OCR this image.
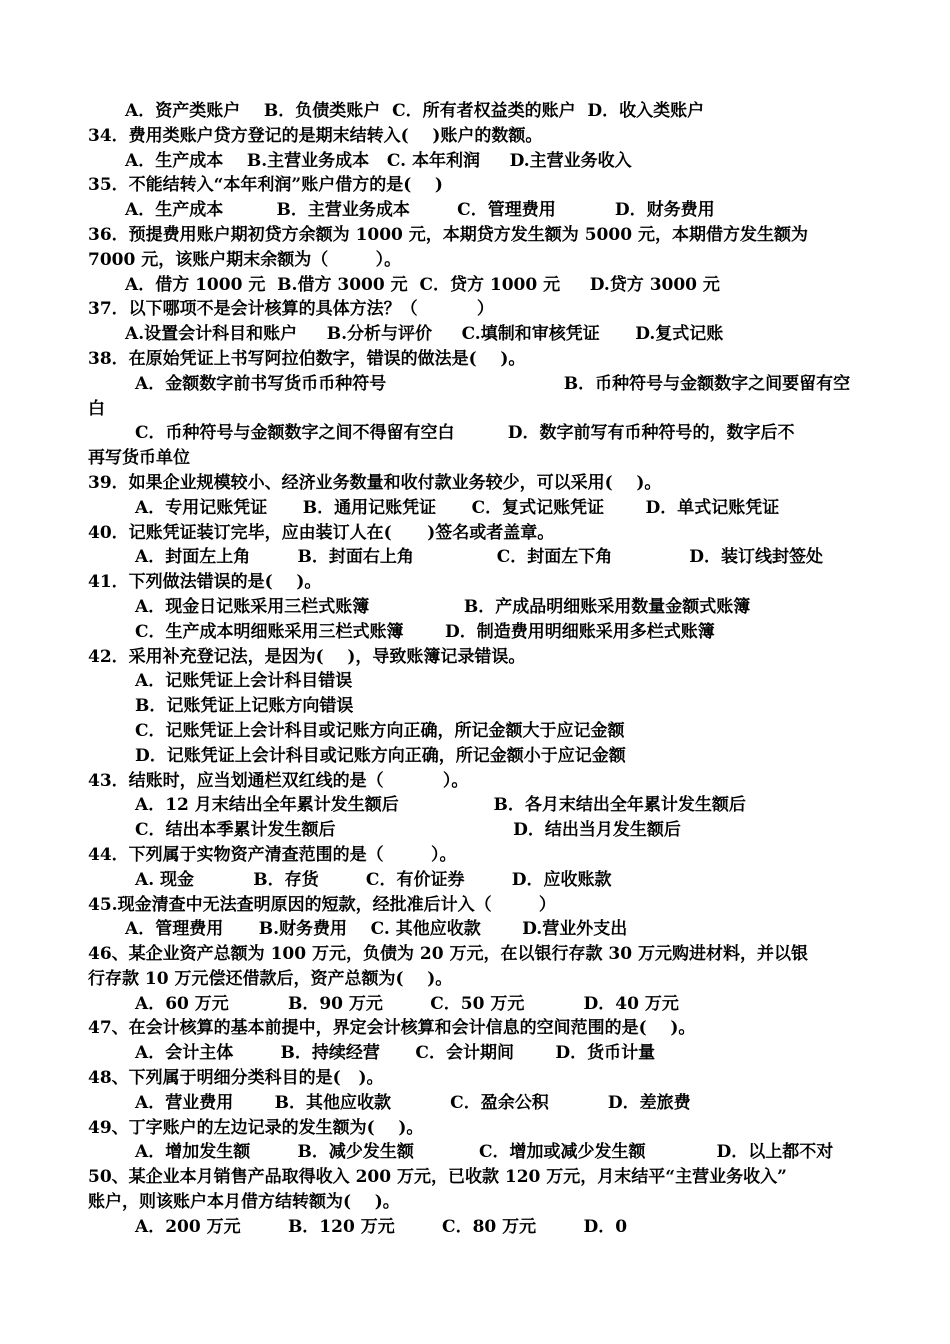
A．资产类账户    B．负债类账户  C．所有者权益类的账户  D．收入类账户
34．费用类账户贷方登记的是期末结转入(    )账户的数额。
A．生产成本    B.主营业务成本   C. 本年利润     D.主营业务收入
35．不能结转入“本年利润”账户借方的是(    )
A．生产成本         B．主营业务成本        C．管理费用          D．财务费用
36．预提费用账户期初贷方余额为 1000 元，本期贷方发生额为 5000 元，本期借方发生额为
7000 元，该账户期末余额为（        ）。
A．借方 1000 元  B.借方 3000 元  C．贷方 1000 元     D.贷方 3000 元
37．以下哪项不是会计核算的具体方法？（          ）
A.设置会计科目和账户     B.分析与评价     C.填制和审核凭证      D.复式记账
38．在原始凭证上书写阿拉伯数字，错误的做法是(    )。
A．金额数字前书写货币币种符号                              B．币种符号与金额数字之间要留有空
白
C．币种符号与金额数字之间不得留有空白         D．数字前写有币种符号的，数字后不
再写货币单位
39．如果企业规模较小、经济业务数量和收付款业务较少，可以采用(    )。
A．专用记账凭证      B．通用记账凭证      C．复式记账凭证       D．单式记账凭证
40．记账凭证装订完毕，应由装订人在(      )签名或者盖章。
A．封面左上角        B．封面右上角              C．封面左下角             D．装订线封签处
41．下列做法错误的是(    )。
A．现金日记账采用三栏式账簿                B．产成品明细账采用数量金额式账簿
C．生产成本明细账采用三栏式账簿       D．制造费用明细账采用多栏式账簿
42．采用补充登记法，是因为(    )，导致账簿记录错误。
A．记账凭证上会计科目错误
B．记账凭证上记账方向错误
C．记账凭证上会计科目或记账方向正确，所记金额大于应记金额
D．记账凭证上会计科目或记账方向正确，所记金额小于应记金额
43．结账时，应当划通栏双红线的是（          ）。
A．12 月末结出全年累计发生额后                B．各月末结出全年累计发生额后
C．结出本季累计发生额后                              D．结出当月发生额后
44．下列属于实物资产清查范围的是（        ）。
A. 现金          B．存货        C．有价证券        D．应收账款
45.现金清查中无法查明原因的短款，经批准后计入（        ）
A．管理费用      B.财务费用    C. 其他应收款       D.营业外支出
46、某企业资产总额为 100 万元，负债为 20 万元，在以银行存款 30 万元购进材料，并以银
行存款 10 万元偿还借款后，资产总额为(    )。
A．60 万元          B．90 万元        C．50 万元          D．40 万元
47、在会计核算的基本前提中，界定会计核算和会计信息的空间范围的是(    )。
A．会计主体        B．持续经营      C．会计期间       D．货币计量
48、下列属于明细分类科目的是(   )。
A．营业费用       B．其他应收款          C．盈余公积          D．差旅费
49、丁字账户的左边记录的发生额为(    )。
A．增加发生额        B．减少发生额           C．增加或减少发生额            D．以上都不对
50、某企业本月销售产品取得收入 200 万元，已收款 120 万元，月末结平“主营业务收入”
账户，则该账户本月借方结转额为(    )。
A．200 万元        B．120 万元        C．80 万元        D．0
